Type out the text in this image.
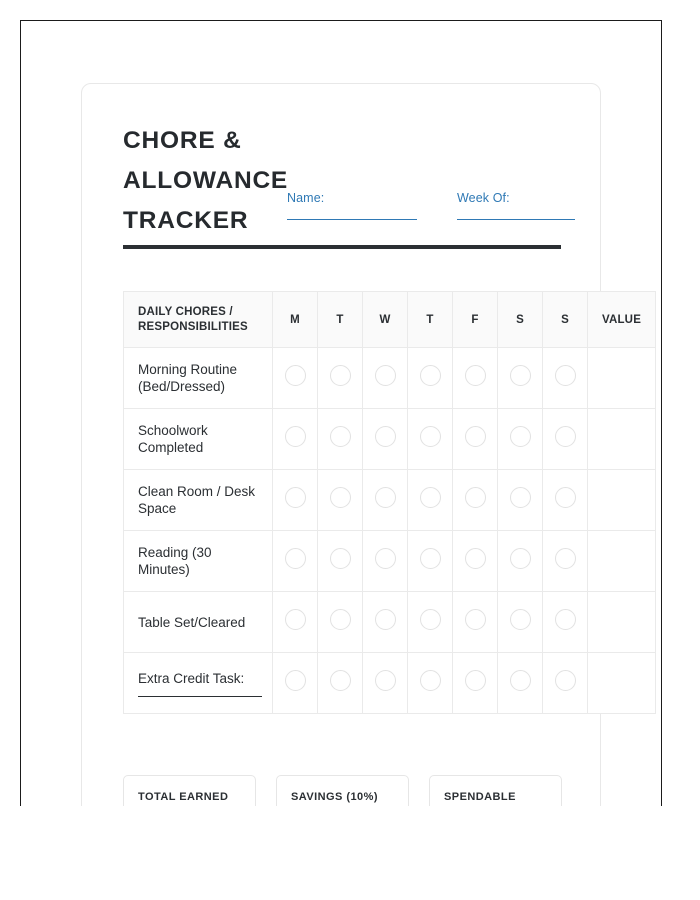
CHORE & ALLOWANCE TRACKER
Name:	Week Of:
DAILY CHORES / RESPONSIBILITIES	M	T	W	T	F	S	S	VALUE
Morning Routine (Bed/Dressed)								
Schoolwork Completed								
Clean Room / Desk Space								
Reading (30 Minutes)								
Table Set/Cleared								
Extra Credit Task:

TOTAL EARNED	SAVINGS (10%)	SPENDABLE
